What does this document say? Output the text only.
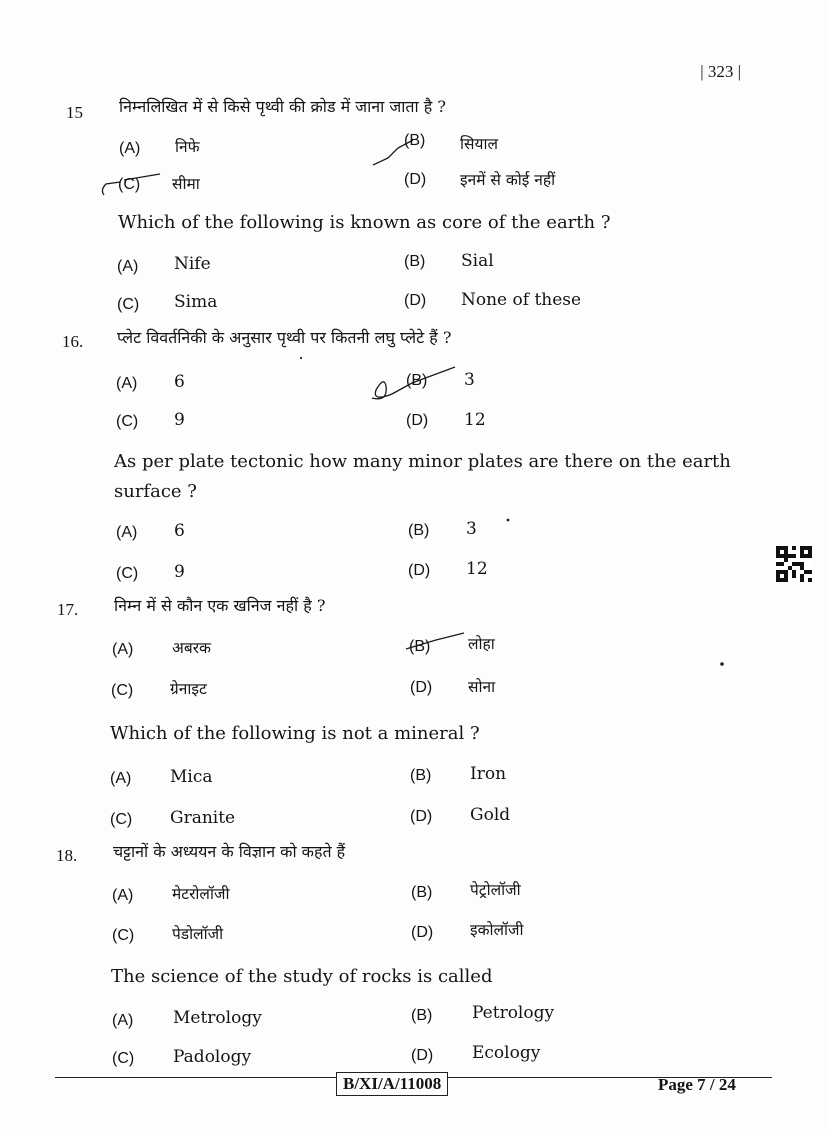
| 323 |
15 निम्नलिखित में से किसे पृथ्वी की क्रोड में जाना जाता है ?
(A) निफे	(B) सियाल
(C) सीमा	(D) इनमें से कोई नहीं
Which of the following is known as core of the earth ?
(A) Nife	(B) Sial
(C) Sima	(D) None of these
16. प्लेट विवर्तनिकी के अनुसार पृथ्वी पर कितनी लघु प्लेटे हैं ?
(A) 6	(B) 3
(C) 9	(D) 12
As per plate tectonic how many minor plates are there on the earth
surface ?
(A) 6	(B) 3
(C) 9	(D) 12
17. निम्न में से कौन एक खनिज नहीं है ?
(A) अबरक	(B) लोहा
(C) ग्रेनाइट	(D) सोना
Which of the following is not a mineral ?
(A) Mica	(B) Iron
(C) Granite	(D) Gold
18. चट्टानों के अध्ययन के विज्ञान को कहते हैं
(A) मेटरोलॉजी	(B) पेट्रोलॉजी
(C) पेडोलॉजी	(D) इकोलॉजी
The science of the study of rocks is called
(A) Metrology	(B) Petrology
(C) Padology	(D) Ecology
B/XI/A/11008	Page 7 / 24
